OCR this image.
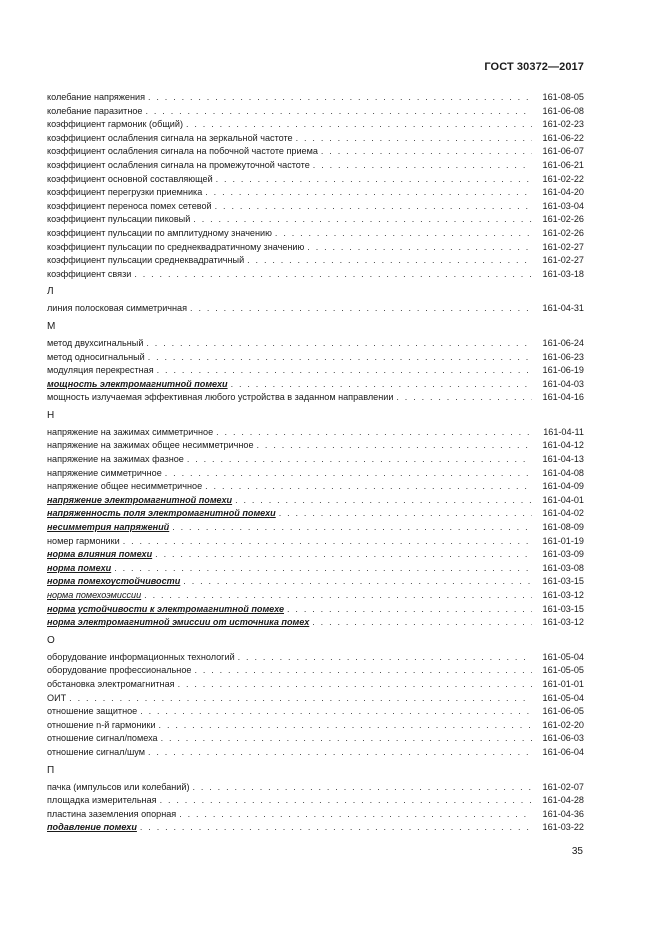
ГОСТ 30372—2017
колебание напряжения . . .	161-08-05
колебание паразитное . . .	161-06-08
коэффициент гармоник (общий) . . .	161-02-23
коэффициент ослабления сигнала на зеркальной частоте . . .	161-06-22
коэффициент ослабления сигнала на побочной частоте приема . . .	161-06-07
коэффициент ослабления сигнала на промежуточной частоте . . .	161-06-21
коэффициент основной составляющей . . .	161-02-22
коэффициент перегрузки приемника . . .	161-04-20
коэффициент переноса помех сетевой . . .	161-03-04
коэффициент пульсации пиковый . . .	161-02-26
коэффициент пульсации по амплитудному значению . . .	161-02-26
коэффициент пульсации по среднеквадратичному значению . . .	161-02-27
коэффициент пульсации среднеквадратичный . . .	161-02-27
коэффициент связи . . .	161-03-18
Л
линия полосковая симметричная . . .	161-04-31
М
метод двухсигнальный . . .	161-06-24
метод односигнальный . . .	161-06-23
модуляция перекрестная . . .	161-06-19
мощность электромагнитной помехи . . .	161-04-03
мощность излучаемая эффективная любого устройства в заданном направлении . . .	161-04-16
Н
напряжение на зажимах симметричное . . .	161-04-11
напряжение на зажимах общее несимметричное . . .	161-04-12
напряжение на зажимах фазное . . .	161-04-13
напряжение симметричное . . .	161-04-08
напряжение общее несимметричное . . .	161-04-09
напряжение электромагнитной помехи . . .	161-04-01
напряженность поля электромагнитной помехи . . .	161-04-02
несимметрия напряжений . . .	161-08-09
номер гармоники . . .	161-01-19
норма влияния помехи . . .	161-03-09
норма помехи . . .	161-03-08
норма помехоустойчивости . . .	161-03-15
норма помехоэмиссии . . .	161-03-12
норма устойчивости к электромагнитной помехе . . .	161-03-15
норма электромагнитной эмиссии от источника помех . . .	161-03-12
О
оборудование информационных технологий . . .	161-05-04
оборудование профессиональное . . .	161-05-05
обстановка электромагнитная . . .	161-01-01
ОИТ . . .	161-05-04
отношение защитное . . .	161-06-05
отношение n-й гармоники . . .	161-02-20
отношение сигнал/помеха . . .	161-06-03
отношение сигнал/шум . . .	161-06-04
П
пачка (импульсов или колебаний) . . .	161-02-07
площадка измерительная . . .	161-04-28
пластина заземления опорная . . .	161-04-36
подавление помехи . . .	161-03-22
35
